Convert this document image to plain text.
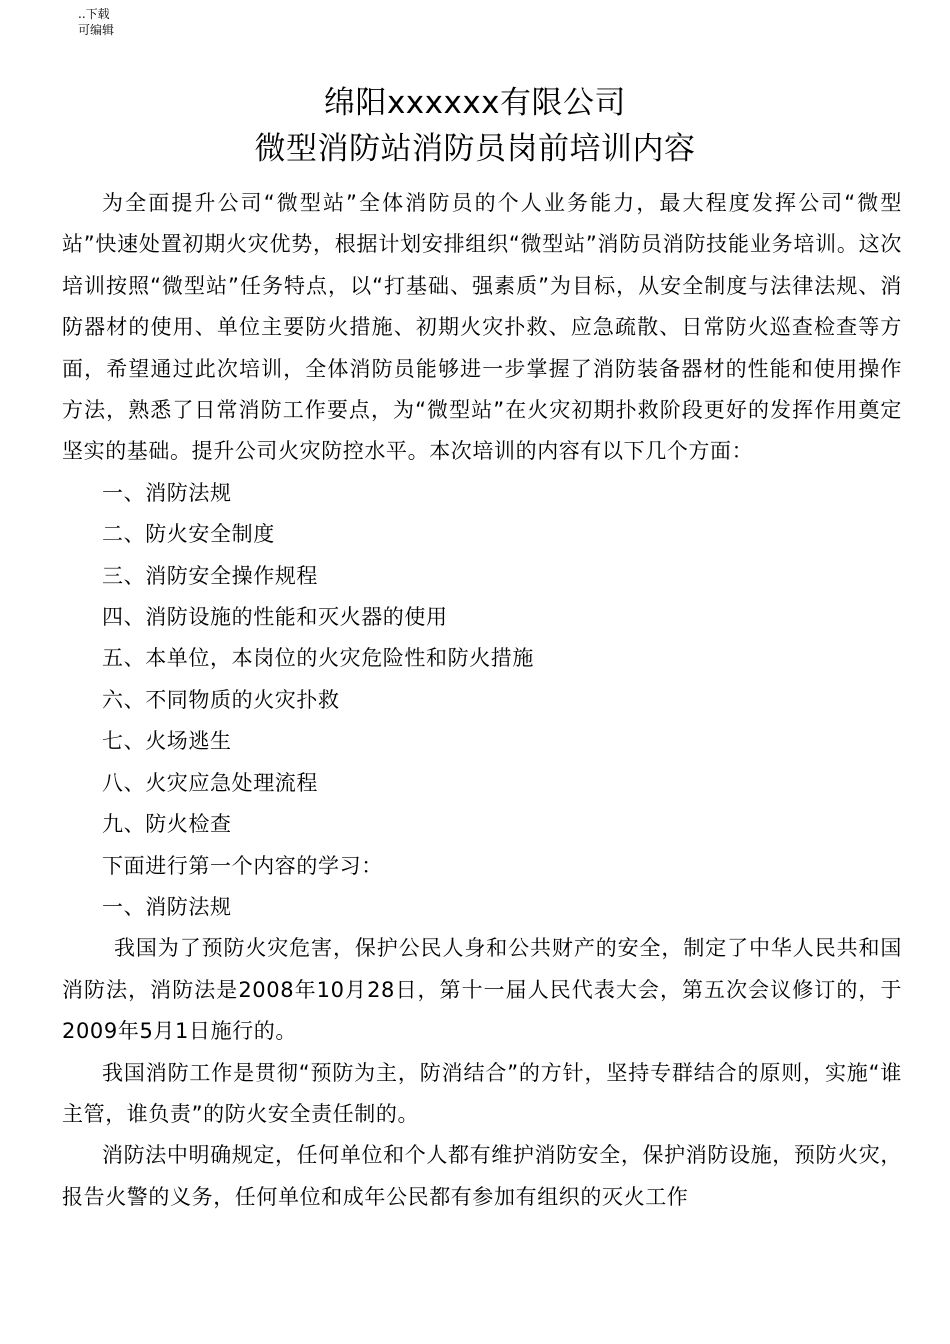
..下载
可编辑
绵阳xxxxxx有限公司
微型消防站消防员岗前培训内容

为全面提升公司“微型站”全体消防员的个人业务能力，最大程度发挥公司“微型站”快速处置初期火灾优势，根据计划安排组织“微型站”消防员消防技能业务培训。这次培训按照“微型站”任务特点，以“打基础、强素质”为目标，从安全制度与法律法规、消防器材的使用、单位主要防火措施、初期火灾扑救、应急疏散、日常防火巡查检查等方面，希望通过此次培训，全体消防员能够进一步掌握了消防装备器材的性能和使用操作方法，熟悉了日常消防工作要点，为“微型站”在火灾初期扑救阶段更好的发挥作用奠定坚实的基础。提升公司火灾防控水平。本次培训的内容有以下几个方面：

一、消防法规
二、防火安全制度
三、消防安全操作规程
四、消防设施的性能和灭火器的使用
五、本单位，本岗位的火灾危险性和防火措施
六、不同物质的火灾扑救
七、火场逃生
八、火灾应急处理流程
九、防火检查
下面进行第一个内容的学习：
一、消防法规

我国为了预防火灾危害，保护公民人身和公共财产的安全，制定了中华人民共和国消防法，消防法是2008年10月28日，第十一届人民代表大会，第五次会议修订的，于2009年5月1日施行的。

我国消防工作是贯彻“预防为主，防消结合”的方针，坚持专群结合的原则，实施“谁主管，谁负责”的防火安全责任制的。

消防法中明确规定，任何单位和个人都有维护消防安全，保护消防设施，预防火灾，报告火警的义务，任何单位和成年公民都有参加有组织的灭火工作
